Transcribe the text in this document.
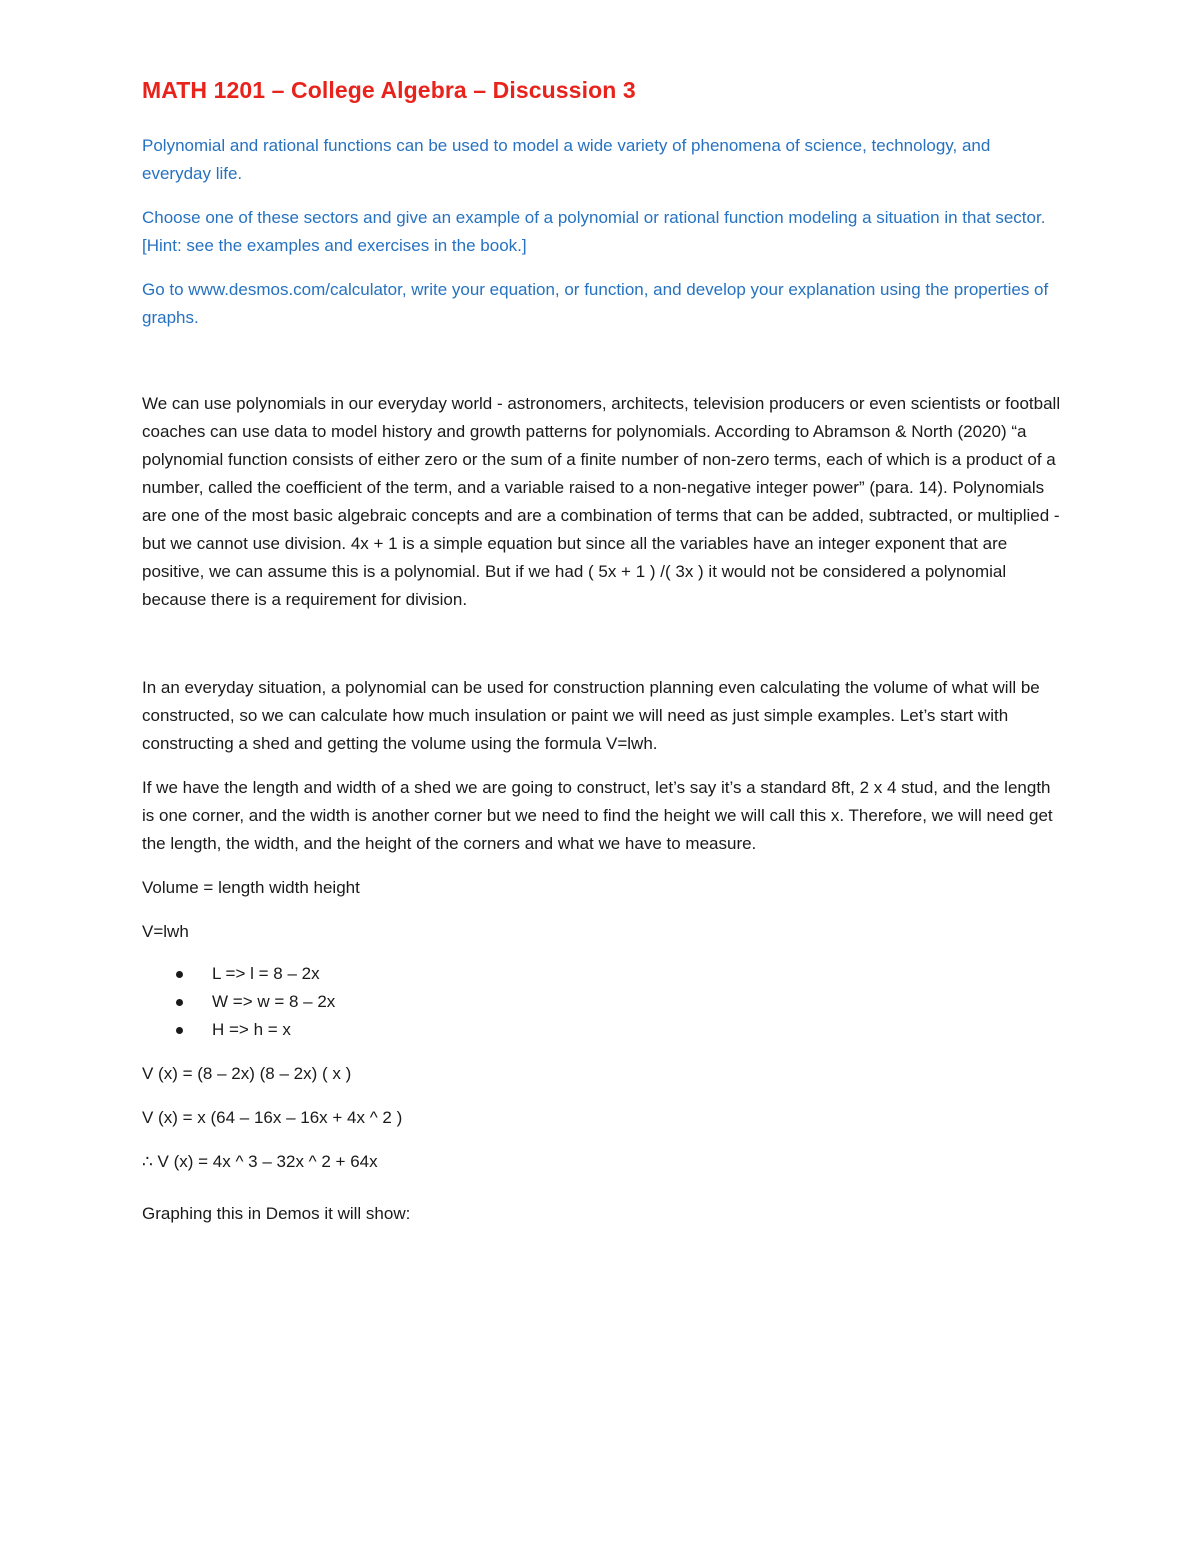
MATH 1201 – College Algebra – Discussion 3

Polynomial and rational functions can be used to model a wide variety of phenomena of science, technology, and everyday life.

Choose one of these sectors and give an example of a polynomial or rational function modeling a situation in that sector. [Hint: see the examples and exercises in the book.]

Go to www.desmos.com/calculator, write your equation, or function, and develop your explanation using the properties of graphs.

We can use polynomials in our everyday world - astronomers, architects, television producers or even scientists or football coaches can use data to model history and growth patterns for polynomials. According to Abramson & North (2020) “a polynomial function consists of either zero or the sum of a finite number of non-zero terms, each of which is a product of a number, called the coefficient of the term, and a variable raised to a non-negative integer power” (para. 14). Polynomials are one of the most basic algebraic concepts and are a combination of terms that can be added, subtracted, or multiplied - but we cannot use division. 4x + 1 is a simple equation but since all the variables have an integer exponent that are positive, we can assume this is a polynomial. But if we had ( 5x + 1 ) /( 3x ) it would not be considered a polynomial because there is a requirement for division.

In an everyday situation, a polynomial can be used for construction planning even calculating the volume of what will be constructed, so we can calculate how much insulation or paint we will need as just simple examples. Let’s start with constructing a shed and getting the volume using the formula V=lwh.

If we have the length and width of a shed we are going to construct, let’s say it’s a standard 8ft, 2 x 4 stud, and the length is one corner, and the width is another corner but we need to find the height we will call this x. Therefore, we will need get the length, the width, and the height of the corners and what we have to measure.

Volume = length width height

V=lwh

L => l = 8 – 2x
W => w = 8 – 2x
H => h = x

V (x) = (8 – 2x) (8 – 2x) ( x )

V (x) = x (64 – 16x – 16x + 4x ^ 2 )

∴ V (x) = 4x ^ 3 – 32x ^ 2 + 64x

Graphing this in Demos it will show:
